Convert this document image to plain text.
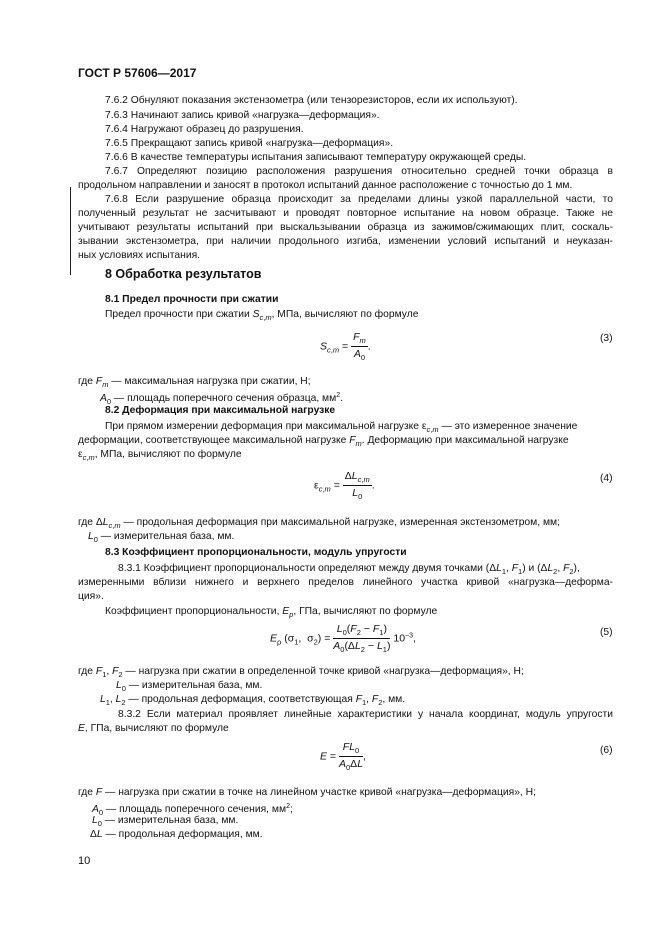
ГОСТ Р 57606—2017
7.6.2 Обнуляют показания экстензометра (или тензорезисторов, если их используют).
7.6.3 Начинают запись кривой «нагрузка—деформация».
7.6.4 Нагружают образец до разрушения.
7.6.5 Прекращают запись кривой «нагрузка—деформация».
7.6.6 В качестве температуры испытания записывают температуру окружающей среды.
7.6.7 Определяют позицию расположения разрушения относительно средней точки образца в
продольном направлении и заносят в протокол испытаний данное расположение с точностью до 1 мм.
7.6.8 Если разрушение образца происходит за пределами длины узкой параллельной части, то
полученный результат не засчитывают и проводят повторное испытание на новом образце. Также не
учитывают результаты испытаний при выскальзывании образца из зажимов/сжимающих плит, соскаль-
зывании экстензометра, при наличии продольного изгиба, изменении условий испытаний и неуказан-
ных условиях испытания.
8 Обработка результатов
8.1 Предел прочности при сжатии
Предел прочности при сжатии $S_{c,m}$, МПа, вычисляют по формуле
$S_{c,m} = \frac{F_m}{A_0}$ .
(3)
где $F_m$ — максимальная нагрузка при сжатии, Н;
$A_0$ — площадь поперечного сечения образца, $мм^2$.
8.2 Деформация при максимальной нагрузке
При прямом измерении деформация при максимальной нагрузке $\varepsilon_{c,m}$ — это измеренное значение
деформации, соответствующее максимальной нагрузке $F_m$. Деформацию при максимальной нагрузке
$\varepsilon_{c,m}$, МПа, вычисляют по формуле
$\varepsilon_{c,m} = \frac{\Delta L_{c,m}}{L_0}$ .
(4)
где $\Delta L_{c,m}$ — продольная деформация при максимальной нагрузке, измеренная экстензометром, мм;
$L_0$ — измерительная база, мм.
8.3 Коэффициент пропорциональности, модуль упругости
8.3.1 Коэффициент пропорциональности определяют между двумя точками ($\Delta L_1$, $F_1$) и ($\Delta L_2$, $F_2$),
измеренными вблизи нижнего и верхнего пределов линейного участка кривой «нагрузка—деформа-
ция».
Коэффициент пропорциональности, $E_p$, ГПа, вычисляют по формуле
$E_\rho$ ($\sigma_1$,  $\sigma_2) = \frac{L_0(F_2 - F_1)}{A_0(\Delta L_2 - L_1)} 10^{-3}$,	(5)
где $F_1$, $F_2$ — нагрузка при сжатии в определенной точке кривой «нагрузка—деформация», Н;
$L_0$ — измерительная база, мм.
$L_1$, $L_2$ — продольная деформация, соответствующая $F_1$, $F_2$, мм.
8.3.2 Если материал проявляет линейные характеристики у начала координат, модуль упругости
E, ГПа, вычисляют по формуле
$E = \frac{FL_0}{A_0\Delta L}$ ,	(6)
где F — нагрузка при сжатии в точке на линейном участке кривой «нагрузка—деформация», Н;
$A_0$ — площадь поперечного сечения, $мм^2$;
$L_0$ — измерительная база, мм.
ΔL — продольная деформация, мм.
10
